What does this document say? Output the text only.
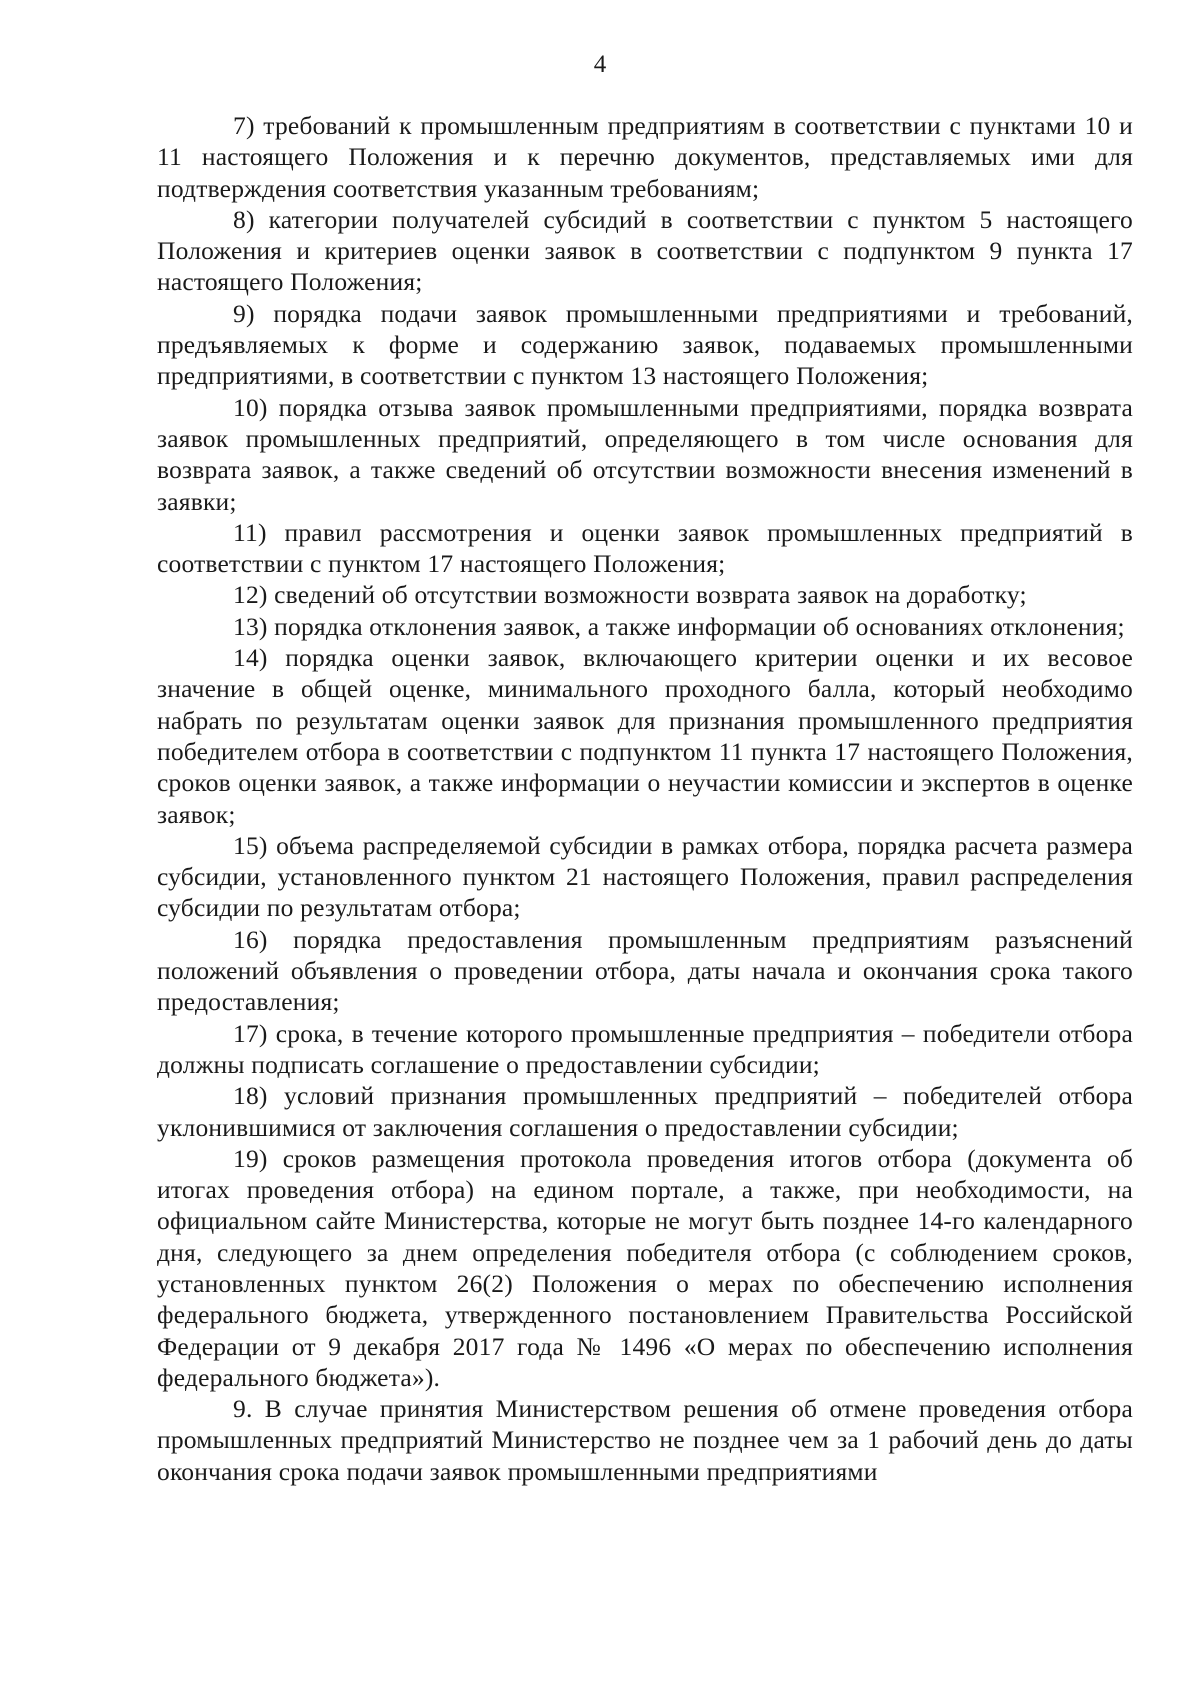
4

7) требований к промышленным предприятиям в соответствии с пунктами 10 и 11 настоящего Положения и к перечню документов, представляемых ими для подтверждения соответствия указанным требованиям;

8) категории получателей субсидий в соответствии с пунктом 5 настоящего Положения и критериев оценки заявок в соответствии с подпунктом 9 пункта 17 настоящего Положения;

9) порядка подачи заявок промышленными предприятиями и требований, предъявляемых к форме и содержанию заявок, подаваемых промышленными предприятиями, в соответствии с пунктом 13 настоящего Положения;

10) порядка отзыва заявок промышленными предприятиями, порядка возврата заявок промышленных предприятий, определяющего в том числе основания для возврата заявок, а также сведений об отсутствии возможности внесения изменений в заявки;

11) правил рассмотрения и оценки заявок промышленных предприятий в соответствии с пунктом 17 настоящего Положения;

12) сведений об отсутствии возможности возврата заявок на доработку;

13) порядка отклонения заявок, а также информации об основаниях отклонения;

14) порядка оценки заявок, включающего критерии оценки и их весовое значение в общей оценке, минимального проходного балла, который необходимо набрать по результатам оценки заявок для признания промышленного предприятия победителем отбора в соответствии с подпунктом 11 пункта 17 настоящего Положения, сроков оценки заявок, а также информации о неучастии комиссии и экспертов в оценке заявок;

15) объема распределяемой субсидии в рамках отбора, порядка расчета размера субсидии, установленного пунктом 21 настоящего Положения, правил распределения субсидии по результатам отбора;

16) порядка предоставления промышленным предприятиям разъяснений положений объявления о проведении отбора, даты начала и окончания срока такого предоставления;

17) срока, в течение которого промышленные предприятия – победители отбора должны подписать соглашение о предоставлении субсидии;

18) условий признания промышленных предприятий – победителей отбора уклонившимися от заключения соглашения о предоставлении субсидии;

19) сроков размещения протокола проведения итогов отбора (документа об итогах проведения отбора) на едином портале, а также, при необходимости, на официальном сайте Министерства, которые не могут быть позднее 14-го календарного дня, следующего за днем определения победителя отбора (с соблюдением сроков, установленных пунктом 26(2) Положения о мерах по обеспечению исполнения федерального бюджета, утвержденного постановлением Правительства Российской Федерации от 9 декабря 2017 года № 1496 «О мерах по обеспечению исполнения федерального бюджета»).

9. В случае принятия Министерством решения об отмене проведения отбора промышленных предприятий Министерство не позднее чем за 1 рабочий день до даты окончания срока подачи заявок промышленными предприятиями
